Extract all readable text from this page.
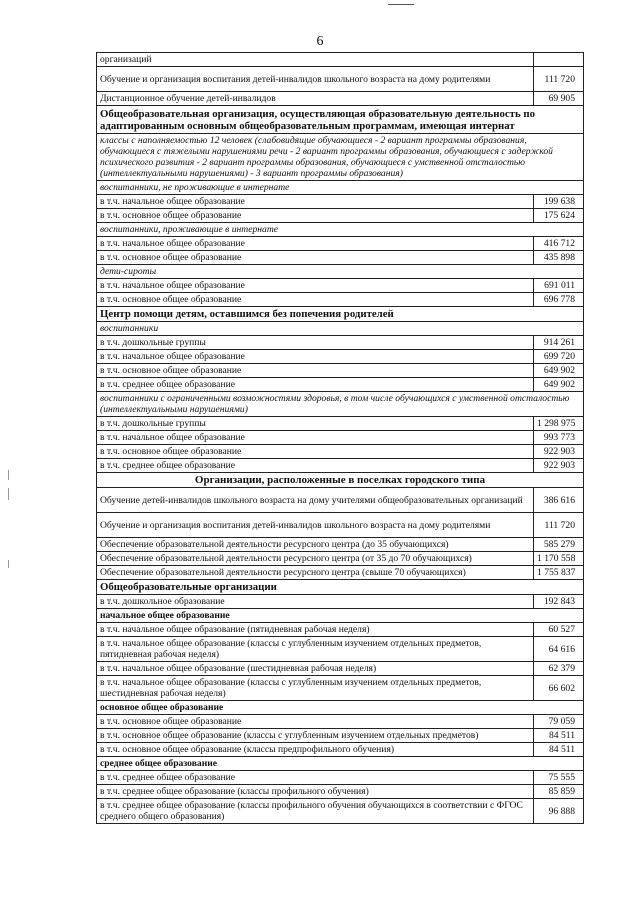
6
организаций	
Обучение и организация воспитания детей-инвалидов школьного возраста на дому родителями	111 720
Дистанционное обучение детей-инвалидов	69 905
Общеобразовательная организация, осуществляющая образовательную деятельность по адаптированным основным общеобразовательным программам, имеющая интернат	
классы с наполняемостью 12 человек (слабовидящие обучающиеся - 2 вариант программы образования, обучающиеся с тяжелыми нарушениями речи - 2 вариант программы образования, обучающиеся с задержкой психического развития - 2 вариант программы образования, обучающиеся с умственной отсталостью (интеллектуальными нарушениями) - 3 вариант программы образования)	
воспитанники, не проживающие в интернате	
в т.ч. начальное общее образование	199 638
в т.ч. основное общее образование	175 624
воспитанники, проживающие в интернате	
в т.ч. начальное общее образование	416 712
в т.ч. основное общее образование	435 898
дети-сироты	
в т.ч. начальное общее образование	691 011
в т.ч. основное общее образование	696 778
Центр помощи детям, оставшимся без попечения родителей	
воспитанники	
в т.ч. дошкольные группы	914 261
в т.ч. начальное общее образование	699 720
в т.ч. основное общее образование	649 902
в т.ч. среднее общее образование	649 902
воспитанники с ограниченными возможностями здоровья, в том числе обучающихся с умственной отсталостью (интеллектуальными нарушениями)	
в т.ч. дошкольные группы	1 298 975
в т.ч. начальное общее образование	993 773
в т.ч. основное общее образование	922 903
в т.ч. среднее общее образование	922 903
Организации, расположенные в поселках городского типа	
Обучение детей-инвалидов школьного возраста на дому учителями общеобразовательных организаций	386 616
Обучение и организация воспитания детей-инвалидов школьного возраста на дому родителями	111 720
Обеспечение образовательной деятельности ресурсного центра (до 35 обучающихся)	585 279
Обеспечение образовательной деятельности ресурсного центра (от 35 до 70 обучающихся)	1 170 558
Обеспечение образовательной деятельности ресурсного центра (свыше 70 обучающихся)	1 755 837
Общеобразовательные организации	
в т.ч. дошкольное образование	192 843
начальное общее образование	
в т.ч. начальное общее образование (пятидневная рабочая неделя)	60 527
в т.ч. начальное общее образование (классы с углубленным изучением отдельных предметов, пятидневная рабочая неделя)	64 616
в т.ч. начальное общее образование (шестидневная рабочая неделя)	62 379
в т.ч. начальное общее образование (классы с углубленным изучением отдельных предметов, шестидневная рабочая неделя)	66 602
основное общее образование	
в т.ч. основное общее образование	79 059
в т.ч. основное общее образование (классы с углубленным изучением отдельных предметов)	84 511
в т.ч. основное общее образование (классы предпрофильного обучения)	84 511
среднее общее образование	
в т.ч. среднее общее образование	75 555
в т.ч. среднее общее образование (классы профильного обучения)	85 859
в т.ч. среднее общее образование (классы профильного обучения обучающихся в соответствии с ФГОС среднего общего образования)	96 888
